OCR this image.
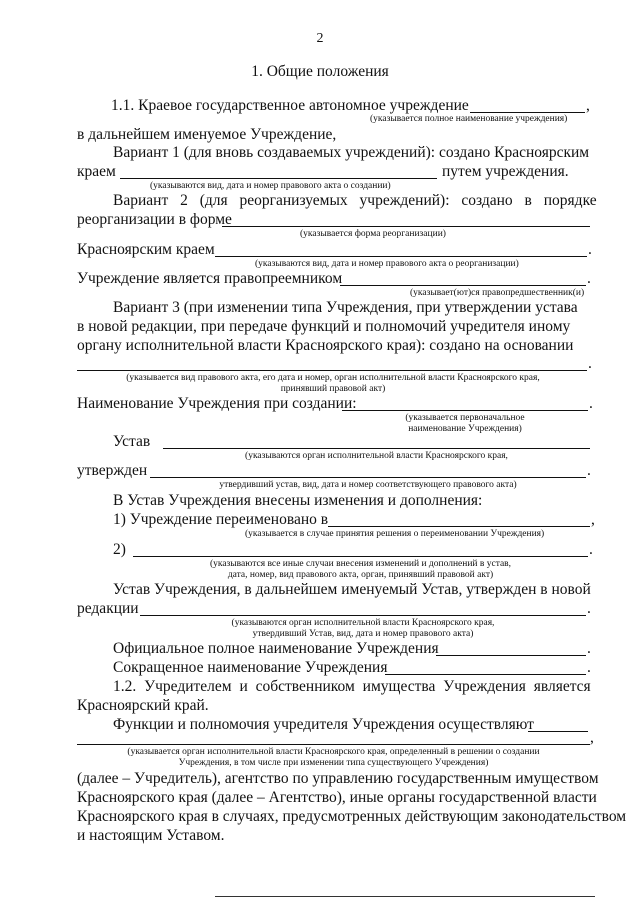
2
1. Общие положения
1.1. Краевое государственное автономное учреждение	,
(указывается полное наименование учреждения)
в дальнейшем именуемое Учреждение,
Вариант 1 (для вновь создаваемых учреждений): создано Красноярским
краем	путем учреждения.
(указываются вид, дата и номер правового акта о создании)
Вариант 2 (для реорганизуемых учреждений): создано в порядке
реорганизации в форме
(указывается форма реорганизации)
Красноярским краем	.
(указываются вид, дата и номер правового акта о реорганизации)
Учреждение является правопреемником	.
(указывает(ют)ся правопредшественник(и)
Вариант 3 (при изменении типа Учреждения, при утверждении устава
в новой редакции, при передаче функций и полномочий учредителя иному
органу исполнительной власти Красноярского края): создано на основании
.
(указывается вид правового акта, его дата и номер, орган исполнительной власти Красноярского края,
принявший правовой акт)
Наименование Учреждения при создании:	.
(указывается первоначальное
наименование Учреждения)
Устав
(указываются орган исполнительной власти Красноярского края,
утвержден	.
утвердивший устав, вид, дата и номер соответствующего правового акта)
В Устав Учреждения внесены изменения и дополнения:
1) Учреждение переименовано в	,
(указывается в случае принятия решения о переименовании Учреждения)
2)	.
(указываются все иные случаи внесения изменений и дополнений в устав,
дата, номер, вид правового акта, орган, принявший правовой акт)
Устав Учреждения, в дальнейшем именуемый Устав, утвержден в новой
редакции	.
(указываются орган исполнительной власти Красноярского края,
утвердивший Устав, вид, дата и номер правового акта)
Официальное полное наименование Учреждения	.
Сокращенное наименование Учреждения	.
1.2. Учредителем и собственником имущества Учреждения является
Красноярский край.
Функции и полномочия учредителя Учреждения осуществляют
,
(указывается орган исполнительной власти Красноярского края, определенный в решении о создании
Учреждения, в том числе при изменении типа существующего Учреждения)
(далее – Учредитель), агентство по управлению государственным имуществом
Красноярского края (далее – Агентство), иные органы государственной власти
Красноярского края в случаях, предусмотренных действующим законодательством
и настоящим Уставом.
